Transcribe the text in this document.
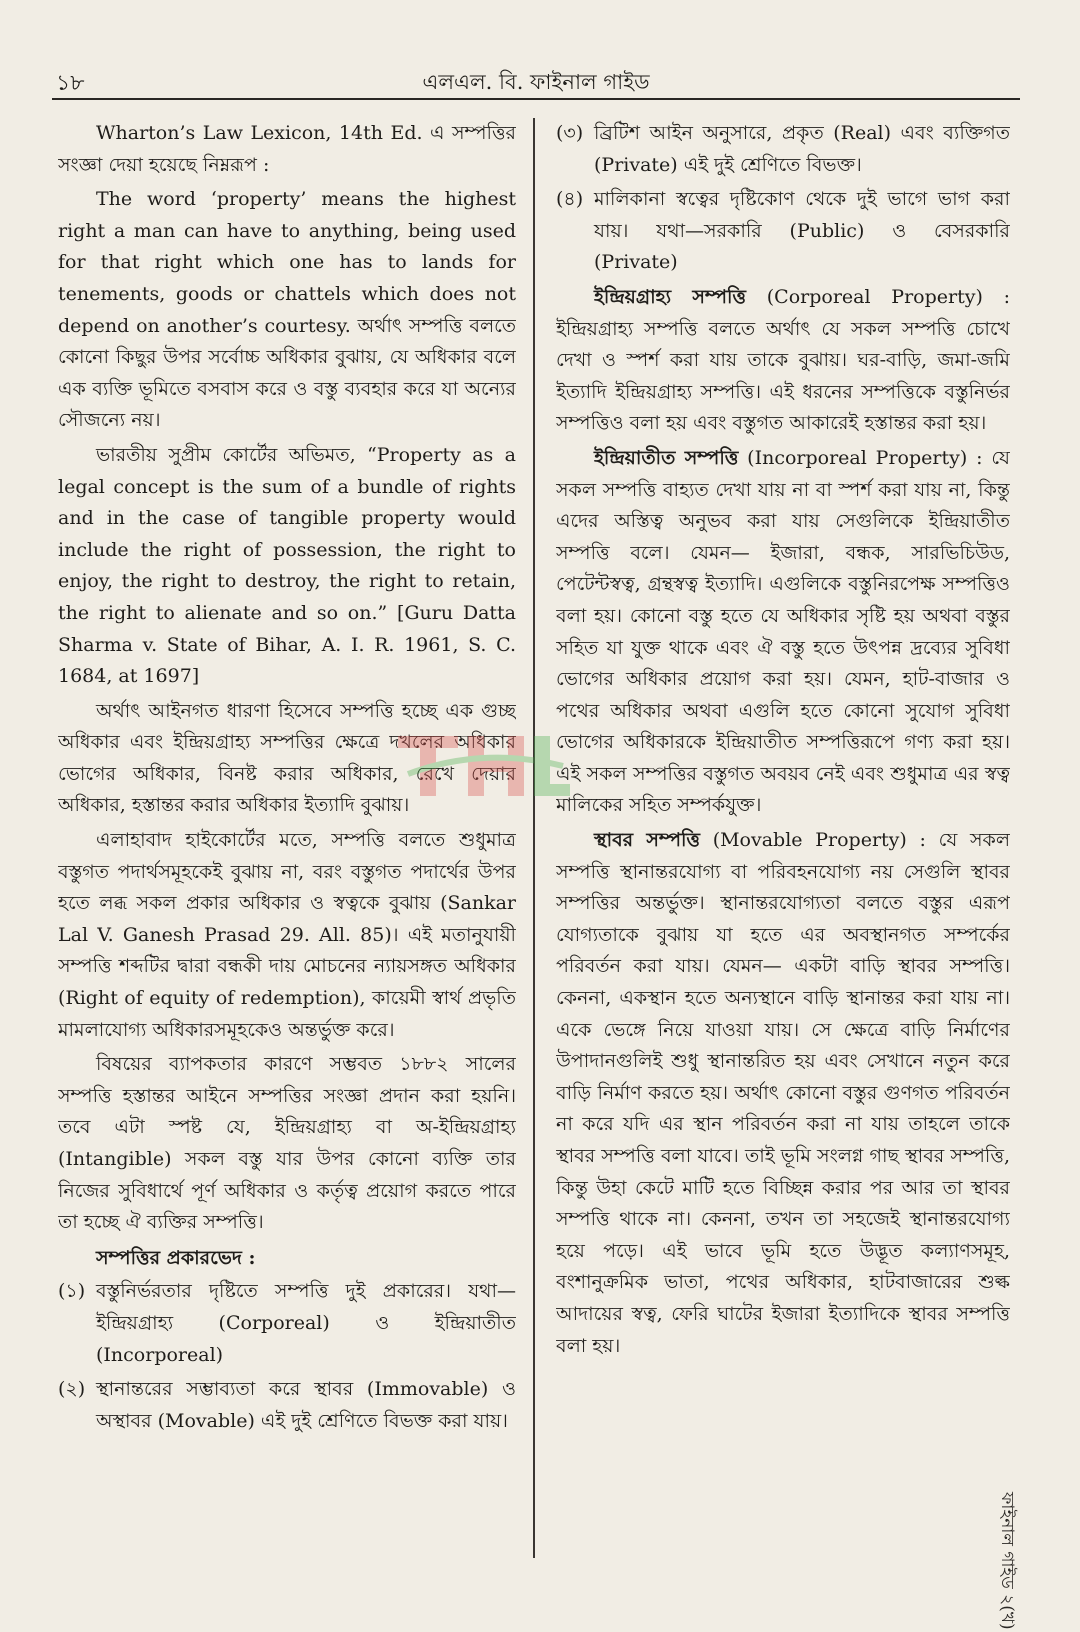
১৮	এলএল. বি. ফাইনাল গাইড

Wharton’s Law Lexicon, 14th Ed. এ সম্পত্তির সংজ্ঞা দেয়া হয়েছে নিম্নরূপ :

The word ‘property’ means the highest right a man can have to anything, being used for that right which one has to lands for tenements, goods or chattels which does not depend on another’s courtesy. অর্থাৎ সম্পত্তি বলতে কোনো কিছুর উপর সর্বোচ্চ অধিকার বুঝায়, যে অধিকার বলে এক ব্যক্তি ভূমিতে বসবাস করে ও বস্তু ব্যবহার করে যা অন্যের সৌজন্যে নয়।

ভারতীয় সুপ্রীম কোর্টের অভিমত, “Property as a legal concept is the sum of a bundle of rights and in the case of tangible property would include the right of possession, the right to enjoy, the right to destroy, the right to retain, the right to alienate and so on.” [Guru Datta Sharma v. State of Bihar, A. I. R. 1961, S. C. 1684, at 1697]

অর্থাৎ আইনগত ধারণা হিসেবে সম্পত্তি হচ্ছে এক গুচ্ছ অধিকার এবং ইন্দ্রিয়গ্রাহ্য সম্পত্তির ক্ষেত্রে দখলের অধিকার ভোগের অধিকার, বিনষ্ট করার অধিকার, রেখে দেয়ার অধিকার, হস্তান্তর করার অধিকার ইত্যাদি বুঝায়।

এলাহাবাদ হাইকোর্টের মতে, সম্পত্তি বলতে শুধুমাত্র বস্তুগত পদার্থসমূহকেই বুঝায় না, বরং বস্তুগত পদার্থের উপর হতে লব্ধ সকল প্রকার অধিকার ও স্বত্বকে বুঝায় (Sankar Lal V. Ganesh Prasad 29. All. 85)। এই মতানুযায়ী সম্পত্তি শব্দটির দ্বারা বন্ধকী দায় মোচনের ন্যায়সঙ্গত অধিকার (Right of equity of redemption), কায়েমী স্বার্থ প্রভৃতি মামলাযোগ্য অধিকারসমূহকেও অন্তর্ভুক্ত করে।

বিষয়ের ব্যাপকতার কারণে সম্ভবত ১৮৮২ সালের সম্পত্তি হস্তান্তর আইনে সম্পত্তির সংজ্ঞা প্রদান করা হয়নি। তবে এটা স্পষ্ট যে, ইন্দ্রিয়গ্রাহ্য বা অ-ইন্দ্রিয়গ্রাহ্য (Intangible) সকল বস্তু যার উপর কোনো ব্যক্তি তার নিজের সুবিধার্থে পূর্ণ অধিকার ও কর্তৃত্ব প্রয়োগ করতে পারে তা হচ্ছে ঐ ব্যক্তির সম্পত্তি।

সম্পত্তির প্রকারভেদ :
(১) বস্তুনির্ভরতার দৃষ্টিতে সম্পত্তি দুই প্রকারের। যথা—ইন্দ্রিয়গ্রাহ্য (Corporeal) ও ইন্দ্রিয়াতীত (Incorporeal)
(২) স্থানান্তরের সম্ভাব্যতা করে স্থাবর (Immovable) ও অস্থাবর (Movable) এই দুই শ্রেণিতে বিভক্ত করা যায়।
(৩) ব্রিটিশ আইন অনুসারে, প্রকৃত (Real) এবং ব্যক্তিগত (Private) এই দুই শ্রেণিতে বিভক্ত।
(৪) মালিকানা স্বত্বের দৃষ্টিকোণ থেকে দুই ভাগে ভাগ করা যায়। যথা—সরকারি (Public) ও বেসরকারি (Private)

ইন্দ্রিয়গ্রাহ্য সম্পত্তি (Corporeal Property) : ইন্দ্রিয়গ্রাহ্য সম্পত্তি বলতে অর্থাৎ যে সকল সম্পত্তি চোখে দেখা ও স্পর্শ করা যায় তাকে বুঝায়। ঘর-বাড়ি, জমা-জমি ইত্যাদি ইন্দ্রিয়গ্রাহ্য সম্পত্তি। এই ধরনের সম্পত্তিকে বস্তুনির্ভর সম্পত্তিও বলা হয় এবং বস্তুগত আকারেই হস্তান্তর করা হয়।

ইন্দ্রিয়াতীত সম্পত্তি (Incorporeal Property) : যে সকল সম্পত্তি বাহ্যত দেখা যায় না বা স্পর্শ করা যায় না, কিন্তু এদের অস্তিত্ব অনুভব করা যায় সেগুলিকে ইন্দ্রিয়াতীত সম্পত্তি বলে। যেমন— ইজারা, বন্ধক, সারভিচিউড, পেটেন্টস্বত্ব, গ্রন্থস্বত্ব ইত্যাদি। এগুলিকে বস্তুনিরপেক্ষ সম্পত্তিও বলা হয়। কোনো বস্তু হতে যে অধিকার সৃষ্টি হয় অথবা বস্তুর সহিত যা যুক্ত থাকে এবং ঐ বস্তু হতে উৎপন্ন দ্রব্যের সুবিধা ভোগের অধিকার প্রয়োগ করা হয়। যেমন, হাট-বাজার ও পথের অধিকার অথবা এগুলি হতে কোনো সুযোগ সুবিধা ভোগের অধিকারকে ইন্দ্রিয়াতীত সম্পত্তিরূপে গণ্য করা হয়। এই সকল সম্পত্তির বস্তুগত অবয়ব নেই এবং শুধুমাত্র এর স্বত্ব মালিকের সহিত সম্পর্কযুক্ত।

স্থাবর সম্পত্তি (Movable Property) : যে সকল সম্পত্তি স্থানান্তরযোগ্য বা পরিবহনযোগ্য নয় সেগুলি স্থাবর সম্পত্তির অন্তর্ভুক্ত। স্থানান্তরযোগ্যতা বলতে বস্তুর এরূপ যোগ্যতাকে বুঝায় যা হতে এর অবস্থানগত সম্পর্কের পরিবর্তন করা যায়। যেমন— একটা বাড়ি স্থাবর সম্পত্তি। কেননা, একস্থান হতে অন্যস্থানে বাড়ি স্থানান্তর করা যায় না। একে ভেঙ্গে নিয়ে যাওয়া যায়। সে ক্ষেত্রে বাড়ি নির্মাণের উপাদানগুলিই শুধু স্থানান্তরিত হয় এবং সেখানে নতুন করে বাড়ি নির্মাণ করতে হয়। অর্থাৎ কোনো বস্তুর গুণগত পরিবর্তন না করে যদি এর স্থান পরিবর্তন করা না যায় তাহলে তাকে স্থাবর সম্পত্তি বলা যাবে। তাই ভূমি সংলগ্ন গাছ স্থাবর সম্পত্তি, কিন্তু উহা কেটে মাটি হতে বিচ্ছিন্ন করার পর আর তা স্থাবর সম্পত্তি থাকে না। কেননা, তখন তা সহজেই স্থানান্তরযোগ্য হয়ে পড়ে। এই ভাবে ভূমি হতে উদ্ভূত কল্যাণসমূহ, বংশানুক্রমিক ভাতা, পথের অধিকার, হাটবাজারের শুল্ক আদায়ের স্বত্ব, ফেরি ঘাটের ইজারা ইত্যাদিকে স্থাবর সম্পত্তি বলা হয়।

ফাইনাল গাইড ২(খ)
